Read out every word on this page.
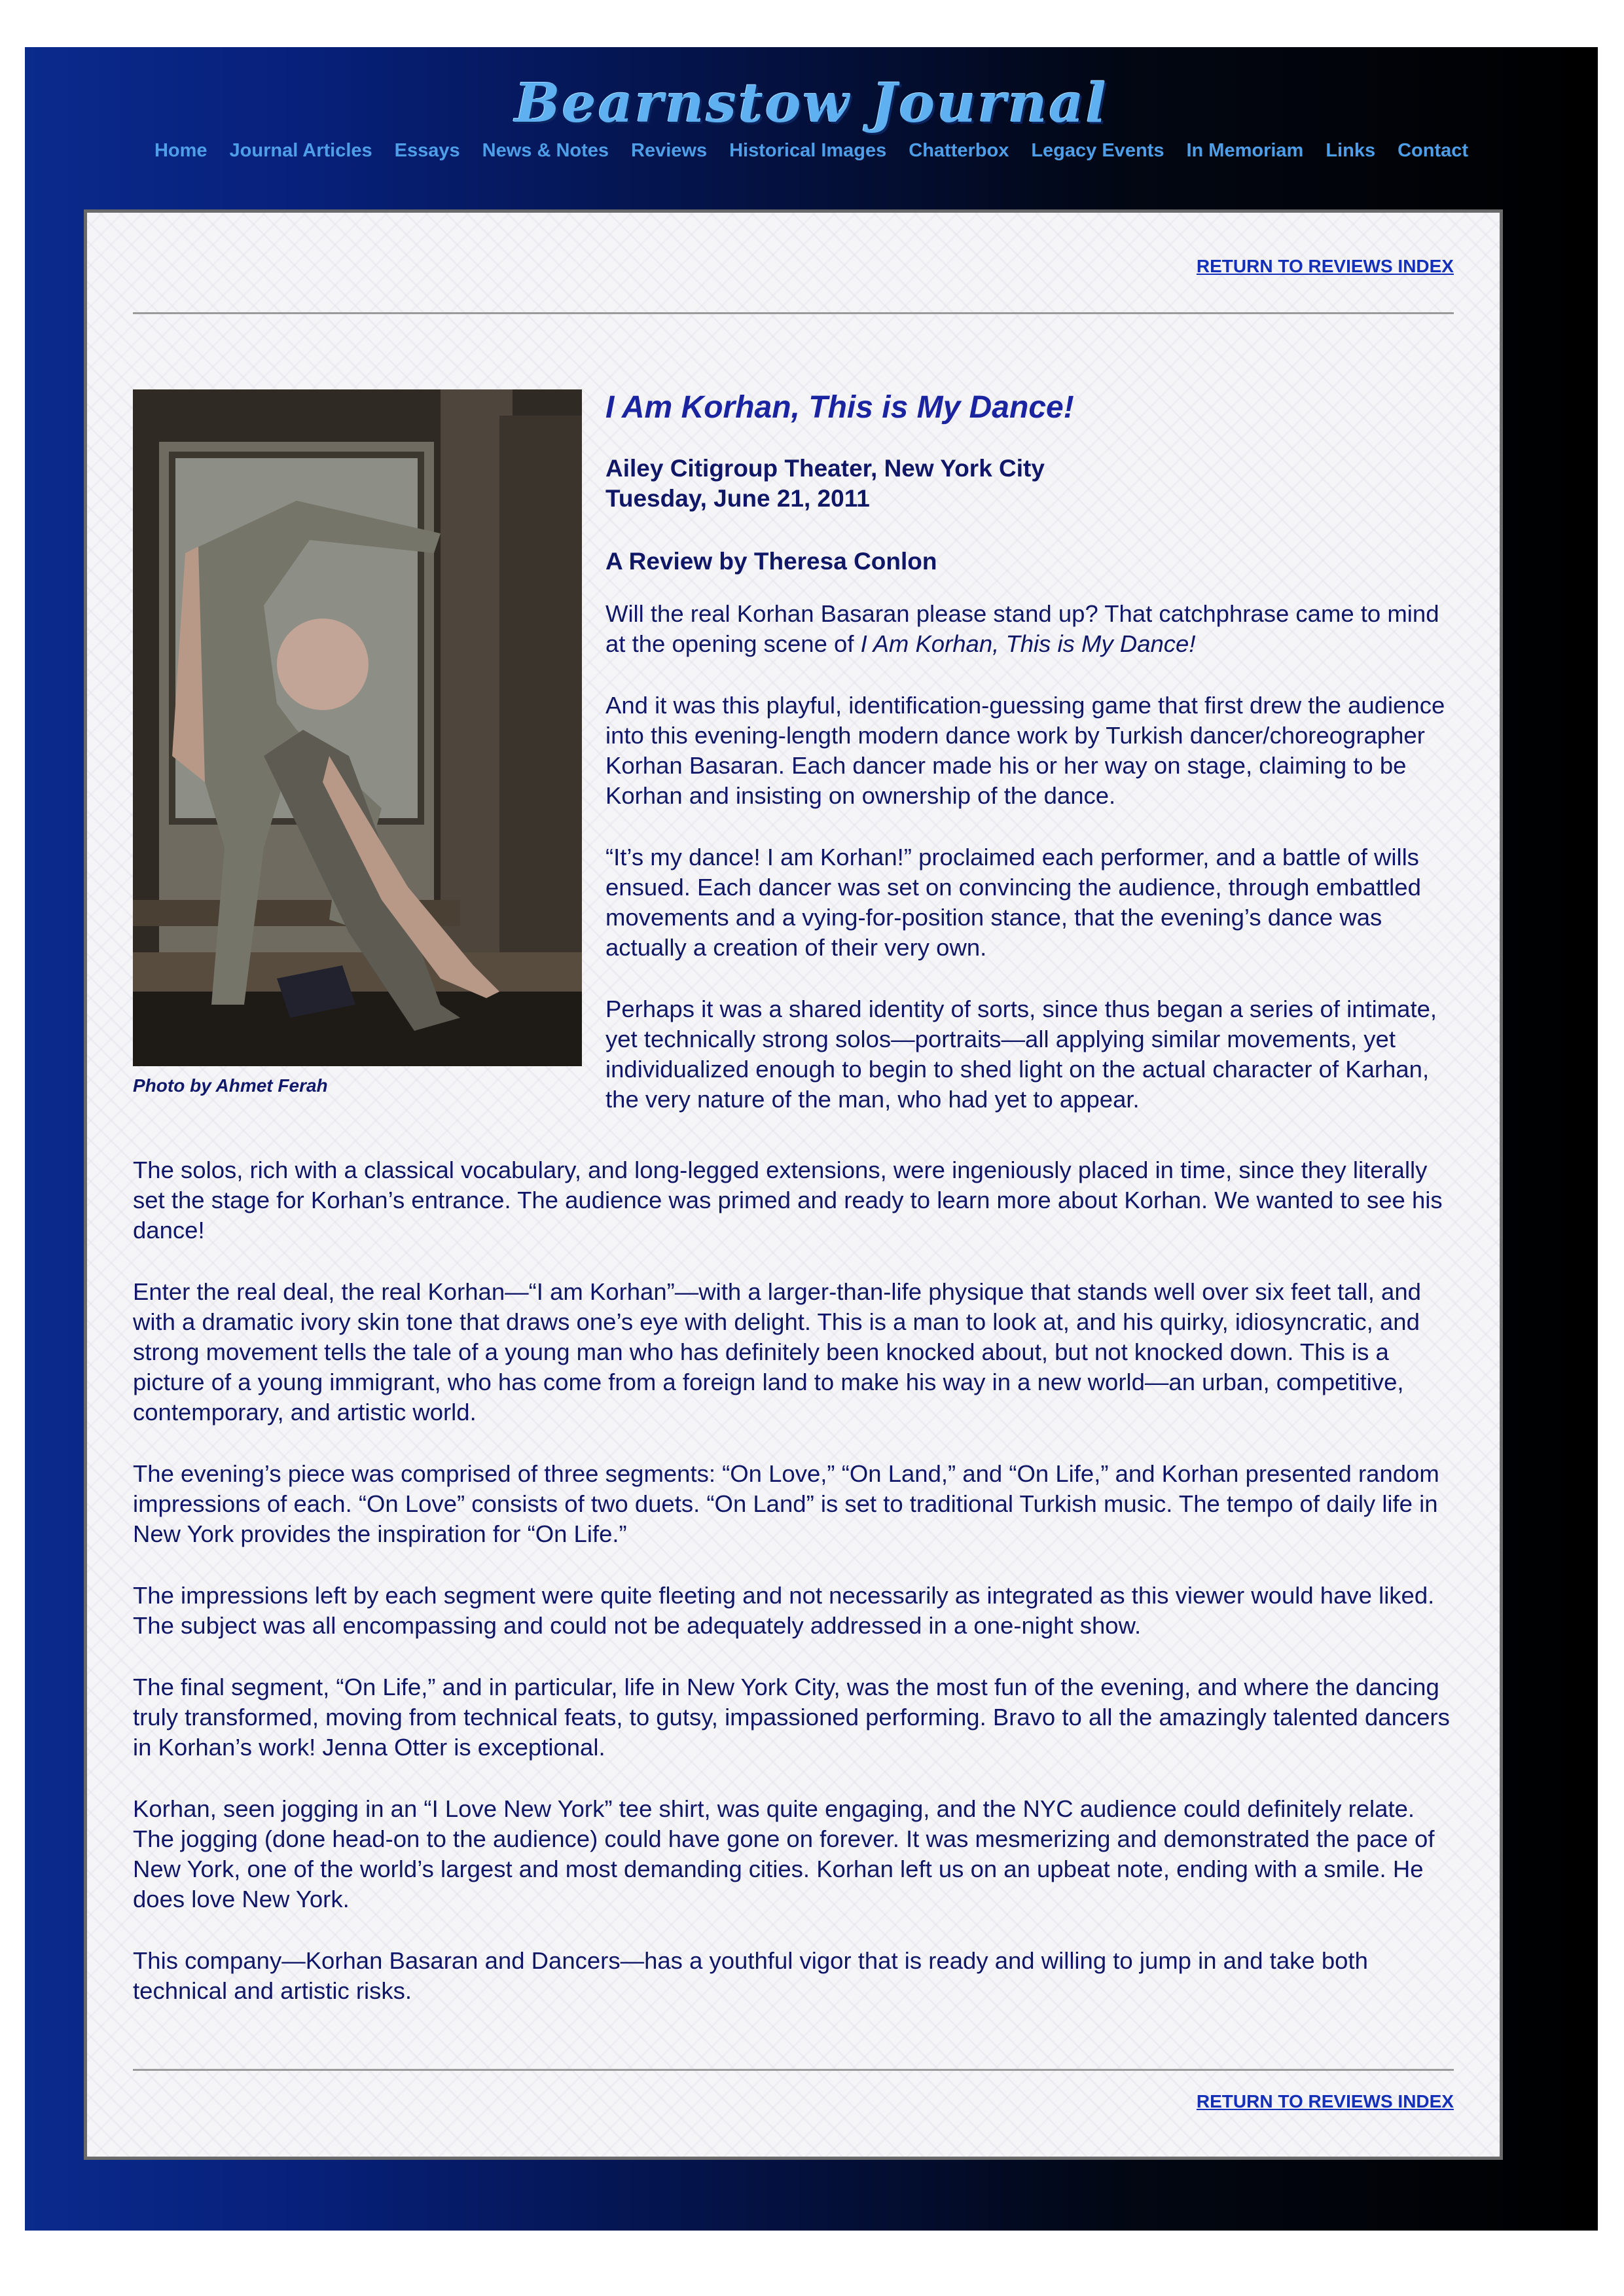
Bearnstow Journal
Home Journal Articles Essays News & Notes Reviews Historical Images Chatterbox Legacy Events In Memoriam Links Contact
RETURN TO REVIEWS INDEX
Photo by Ahmet Ferah
I Am Korhan, This is My Dance!
Ailey Citigroup Theater, New York City
Tuesday, June 21, 2011
A Review by Theresa Conlon

Will the real Korhan Basaran please stand up? That catchphrase came to mind at the opening scene of I Am Korhan, This is My Dance!

And it was this playful, identification-guessing game that first drew the audience into this evening-length modern dance work by Turkish dancer/choreographer Korhan Basaran. Each dancer made his or her way on stage, claiming to be Korhan and insisting on ownership of the dance.

“It’s my dance! I am Korhan!” proclaimed each performer, and a battle of wills ensued. Each dancer was set on convincing the audience, through embattled movements and a vying-for-position stance, that the evening’s dance was actually a creation of their very own.

Perhaps it was a shared identity of sorts, since thus began a series of intimate, yet technically strong solos—portraits—all applying similar movements, yet individualized enough to begin to shed light on the actual character of Karhan, the very nature of the man, who had yet to appear.

The solos, rich with a classical vocabulary, and long-legged extensions, were ingeniously placed in time, since they literally set the stage for Korhan’s entrance. The audience was primed and ready to learn more about Korhan. We wanted to see his dance!

Enter the real deal, the real Korhan—“I am Korhan”—with a larger-than-life physique that stands well over six feet tall, and with a dramatic ivory skin tone that draws one’s eye with delight. This is a man to look at, and his quirky, idiosyncratic, and strong movement tells the tale of a young man who has definitely been knocked about, but not knocked down. This is a picture of a young immigrant, who has come from a foreign land to make his way in a new world—an urban, competitive, contemporary, and artistic world.

The evening’s piece was comprised of three segments: “On Love,” “On Land,” and “On Life,” and Korhan presented random impressions of each. “On Love” consists of two duets. “On Land” is set to traditional Turkish music. The tempo of daily life in New York provides the inspiration for “On Life.”

The impressions left by each segment were quite fleeting and not necessarily as integrated as this viewer would have liked. The subject was all encompassing and could not be adequately addressed in a one-night show.

The final segment, “On Life,” and in particular, life in New York City, was the most fun of the evening, and where the dancing truly transformed, moving from technical feats, to gutsy, impassioned performing. Bravo to all the amazingly talented dancers in Korhan’s work! Jenna Otter is exceptional.

Korhan, seen jogging in an “I Love New York” tee shirt, was quite engaging, and the NYC audience could definitely relate. The jogging (done head-on to the audience) could have gone on forever. It was mesmerizing and demonstrated the pace of New York, one of the world’s largest and most demanding cities. Korhan left us on an upbeat note, ending with a smile. He does love New York.

This company—Korhan Basaran and Dancers—has a youthful vigor that is ready and willing to jump in and take both technical and artistic risks.

RETURN TO REVIEWS INDEX
